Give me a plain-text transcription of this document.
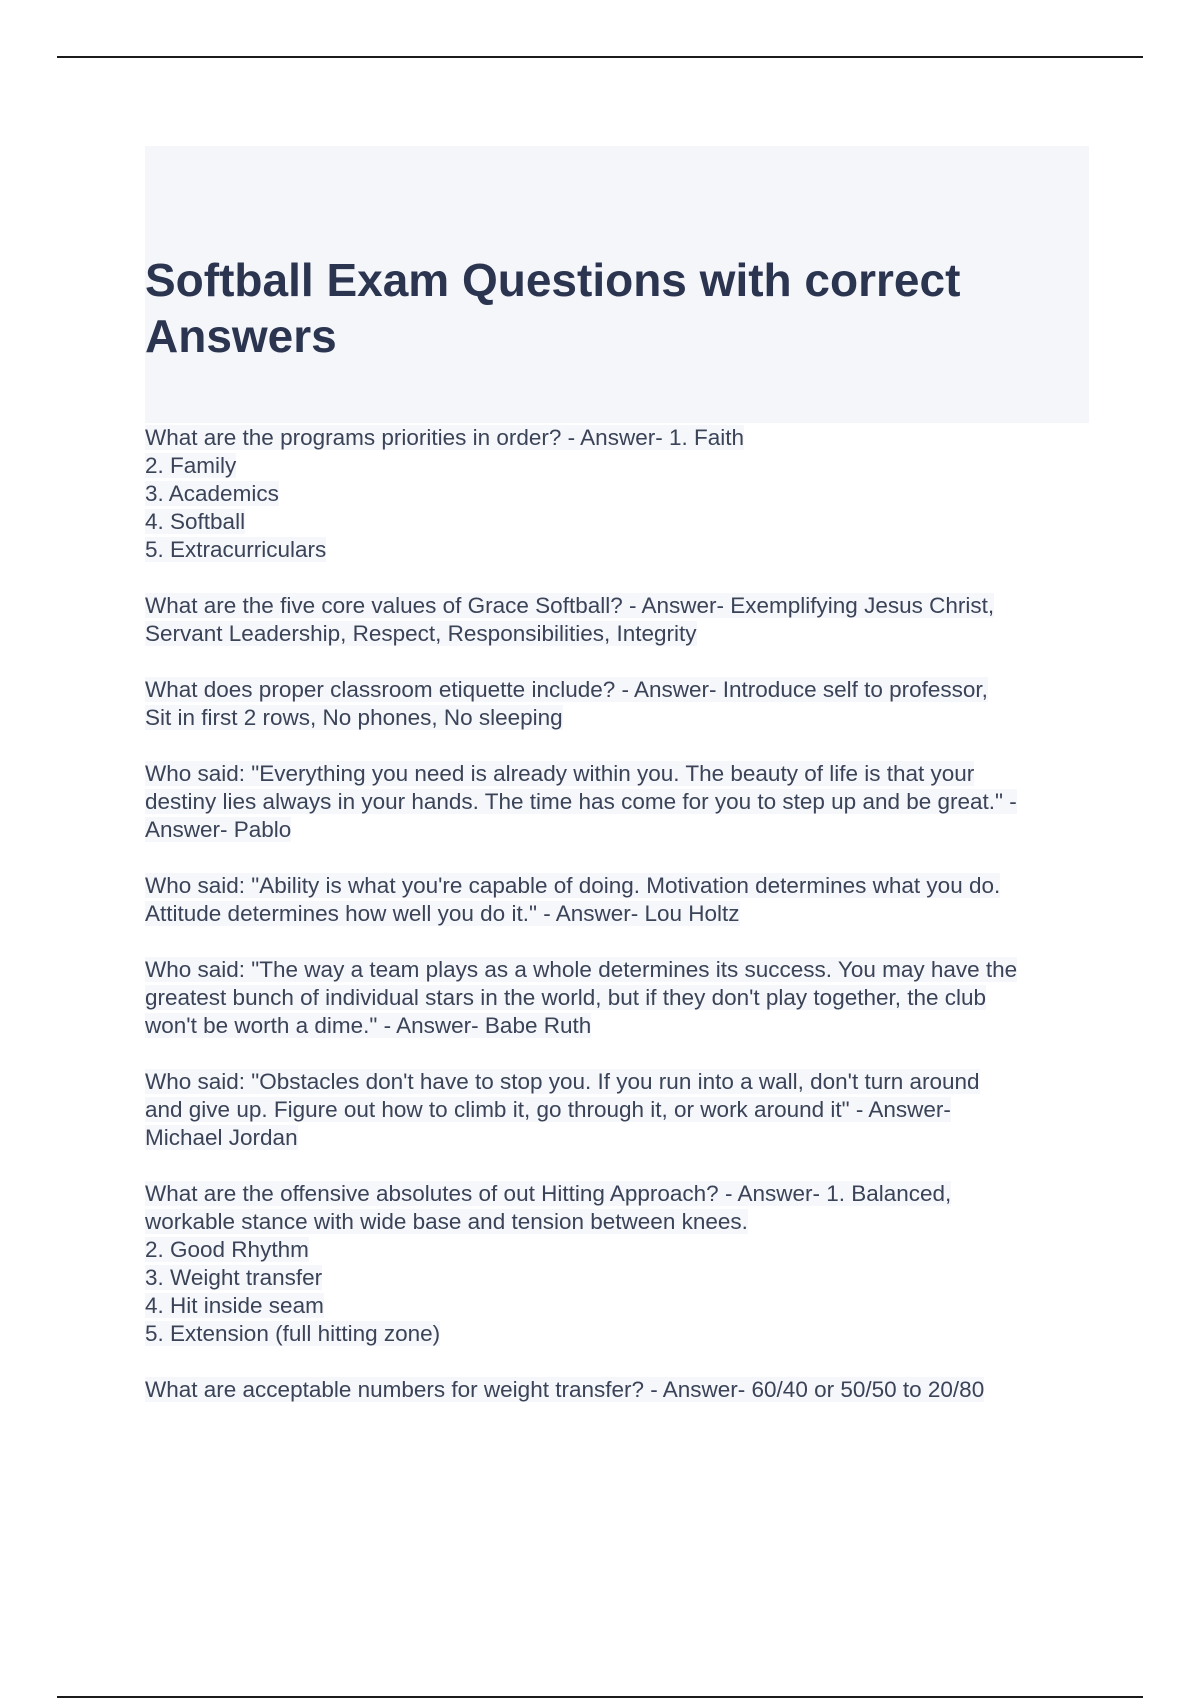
Softball Exam Questions with correct
Answers
What are the programs priorities in order? - Answer- 1. Faith
2. Family
3. Academics
4. Softball
5. Extracurriculars
What are the five core values of Grace Softball? - Answer- Exemplifying Jesus Christ,
Servant Leadership, Respect, Responsibilities, Integrity
What does proper classroom etiquette include? - Answer- Introduce self to professor,
Sit in first 2 rows, No phones, No sleeping
Who said: "Everything you need is already within you. The beauty of life is that your
destiny lies always in your hands. The time has come for you to step up and be great." -
Answer- Pablo
Who said: "Ability is what you're capable of doing. Motivation determines what you do.
Attitude determines how well you do it." - Answer- Lou Holtz
Who said: "The way a team plays as a whole determines its success. You may have the
greatest bunch of individual stars in the world, but if they don't play together, the club
won't be worth a dime." - Answer- Babe Ruth
Who said: "Obstacles don't have to stop you. If you run into a wall, don't turn around
and give up. Figure out how to climb it, go through it, or work around it" - Answer-
Michael Jordan
What are the offensive absolutes of out Hitting Approach? - Answer- 1. Balanced,
workable stance with wide base and tension between knees.
2. Good Rhythm
3. Weight transfer
4. Hit inside seam
5. Extension (full hitting zone)
What are acceptable numbers for weight transfer? - Answer- 60/40 or 50/50 to 20/80
